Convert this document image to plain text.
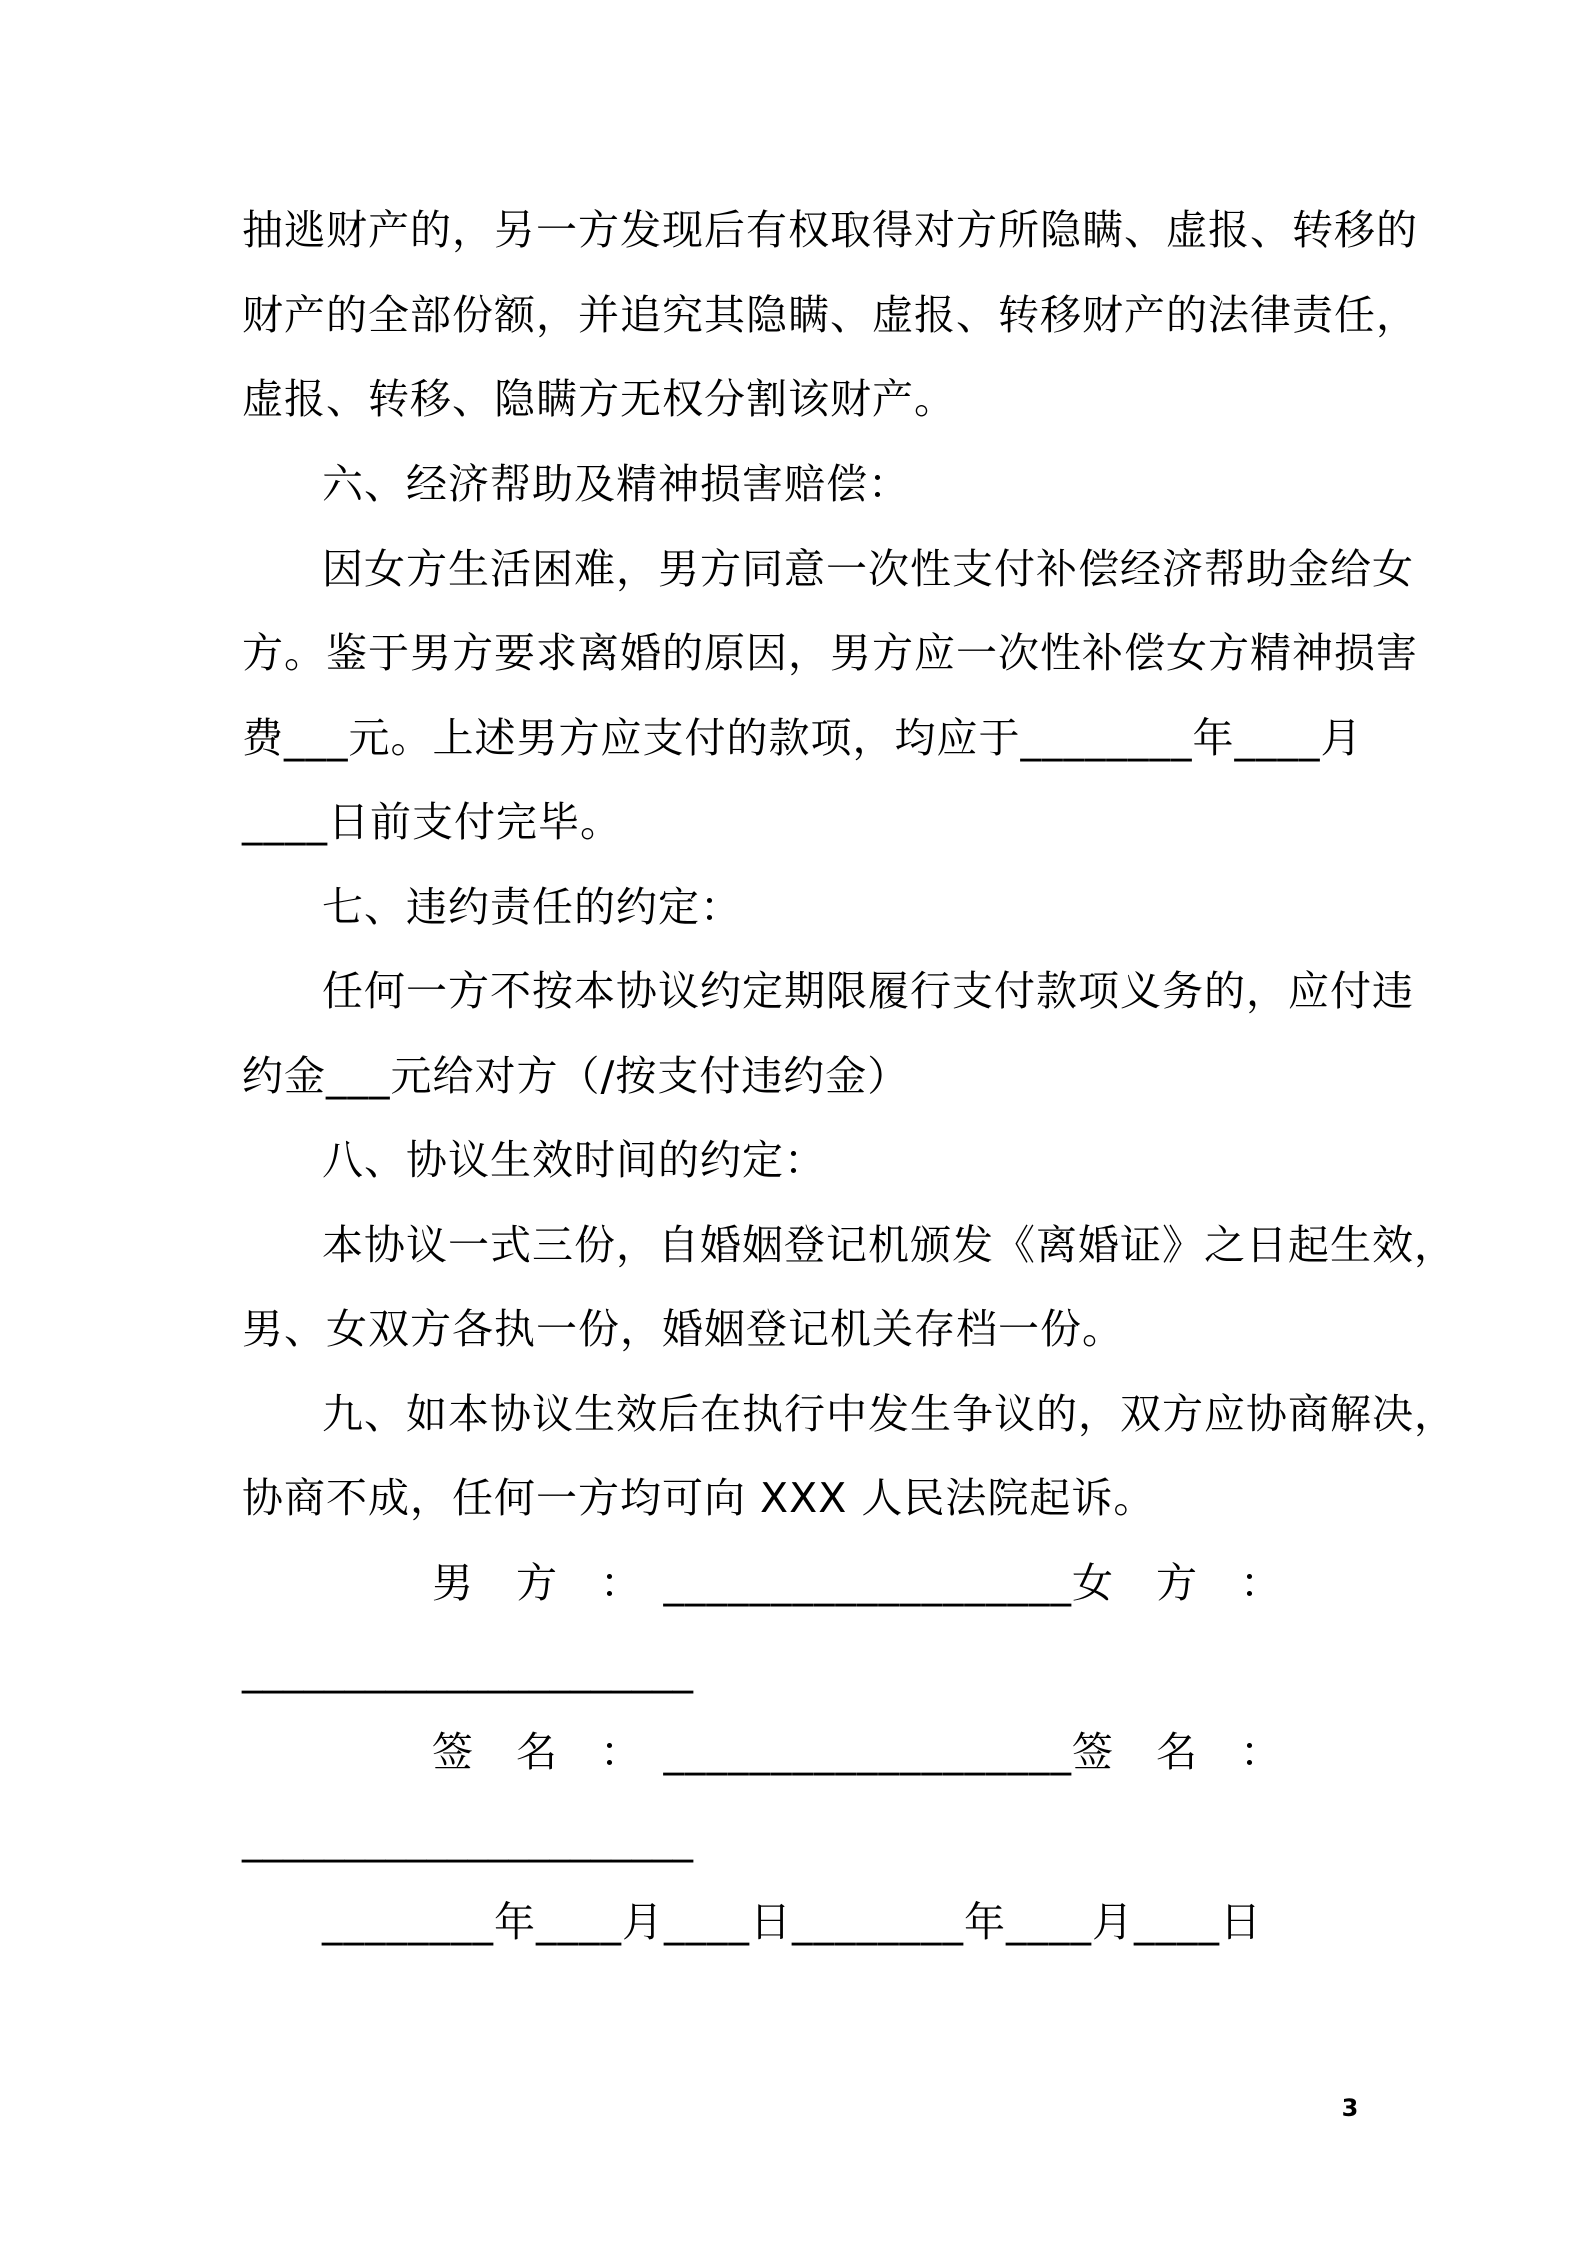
抽逃财产的，另一方发现后有权取得对方所隐瞒、虚报、转移的
财产的全部份额，并追究其隐瞒、虚报、转移财产的法律责任，
虚报、转移、隐瞒方无权分割该财产。
六、经济帮助及精神损害赔偿：
因女方生活困难，男方同意一次性支付补偿经济帮助金给女
方。鉴于男方要求离婚的原因，男方应一次性补偿女方精神损害
费___元。上述男方应支付的款项，均应于________年____月
____日前支付完毕。
七、违约责任的约定：
任何一方不按本协议约定期限履行支付款项义务的，应付违
约金___元给对方（/按支付违约金）
八、协议生效时间的约定：
本协议一式三份，自婚姻登记机颁发《离婚证》之日起生效，
男、女双方各执一份，婚姻登记机关存档一份。
九、如本协议生效后在执行中发生争议的，双方应协商解决，
协商不成，任何一方均可向 XXX 人民法院起诉。
男　方　：　___________________女　方　：
______________________
签　名　：　___________________签　名　：
______________________
________年____月____日________年____月____日
3
